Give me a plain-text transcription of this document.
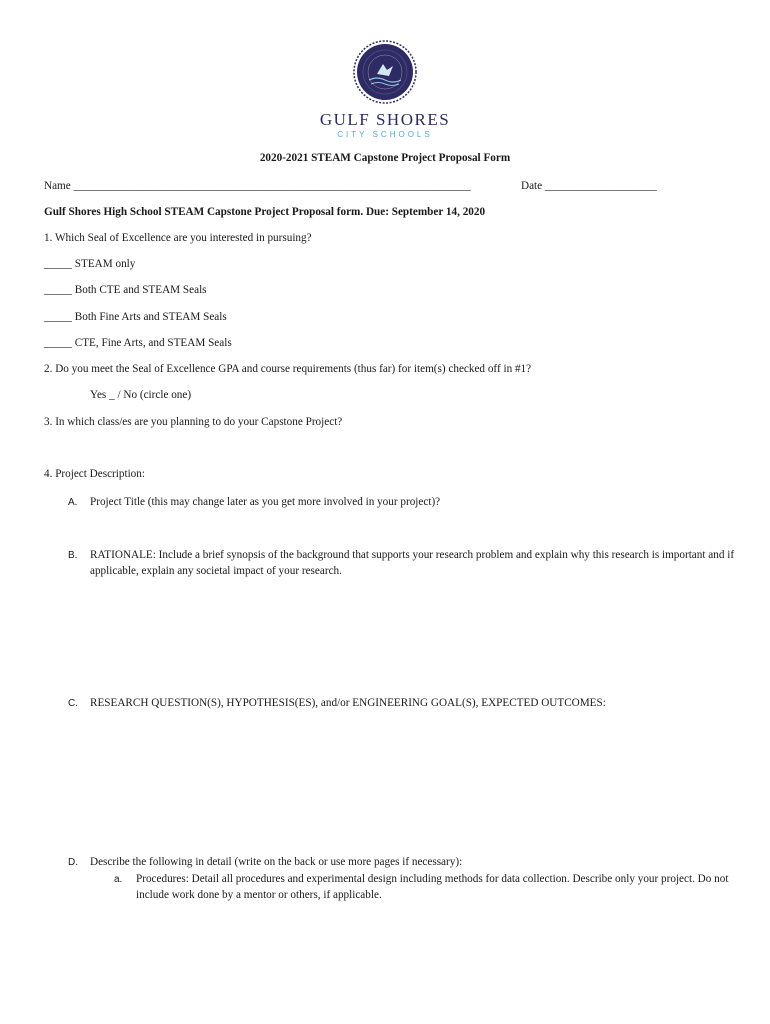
GULF SHORES
CITY SCHOOLS
2020-2021 STEAM Capstone Project Proposal Form
Name _______________________________________________________________________	Date ____________________
Gulf Shores High School STEAM Capstone Project Proposal form. Due: September 14, 2020
1. Which Seal of Excellence are you interested in pursuing?
_____ STEAM only
_____ Both CTE and STEAM Seals
_____ Both Fine Arts and STEAM Seals
_____ CTE, Fine Arts, and STEAM Seals
2. Do you meet the Seal of Excellence GPA and course requirements (thus far) for item(s) checked off in #1?
Yes _ / No (circle one)
3. In which class/es are you planning to do your Capstone Project?
4. Project Description:
A. Project Title (this may change later as you get more involved in your project)?
B. RATIONALE: Include a brief synopsis of the background that supports your research problem and explain why this research is important and if applicable, explain any societal impact of your research.
C. RESEARCH QUESTION(S), HYPOTHESIS(ES), and/or ENGINEERING GOAL(S), EXPECTED OUTCOMES:
D. Describe the following in detail (write on the back or use more pages if necessary):
a. Procedures: Detail all procedures and experimental design including methods for data collection. Describe only your project. Do not include work done by a mentor or others, if applicable.
